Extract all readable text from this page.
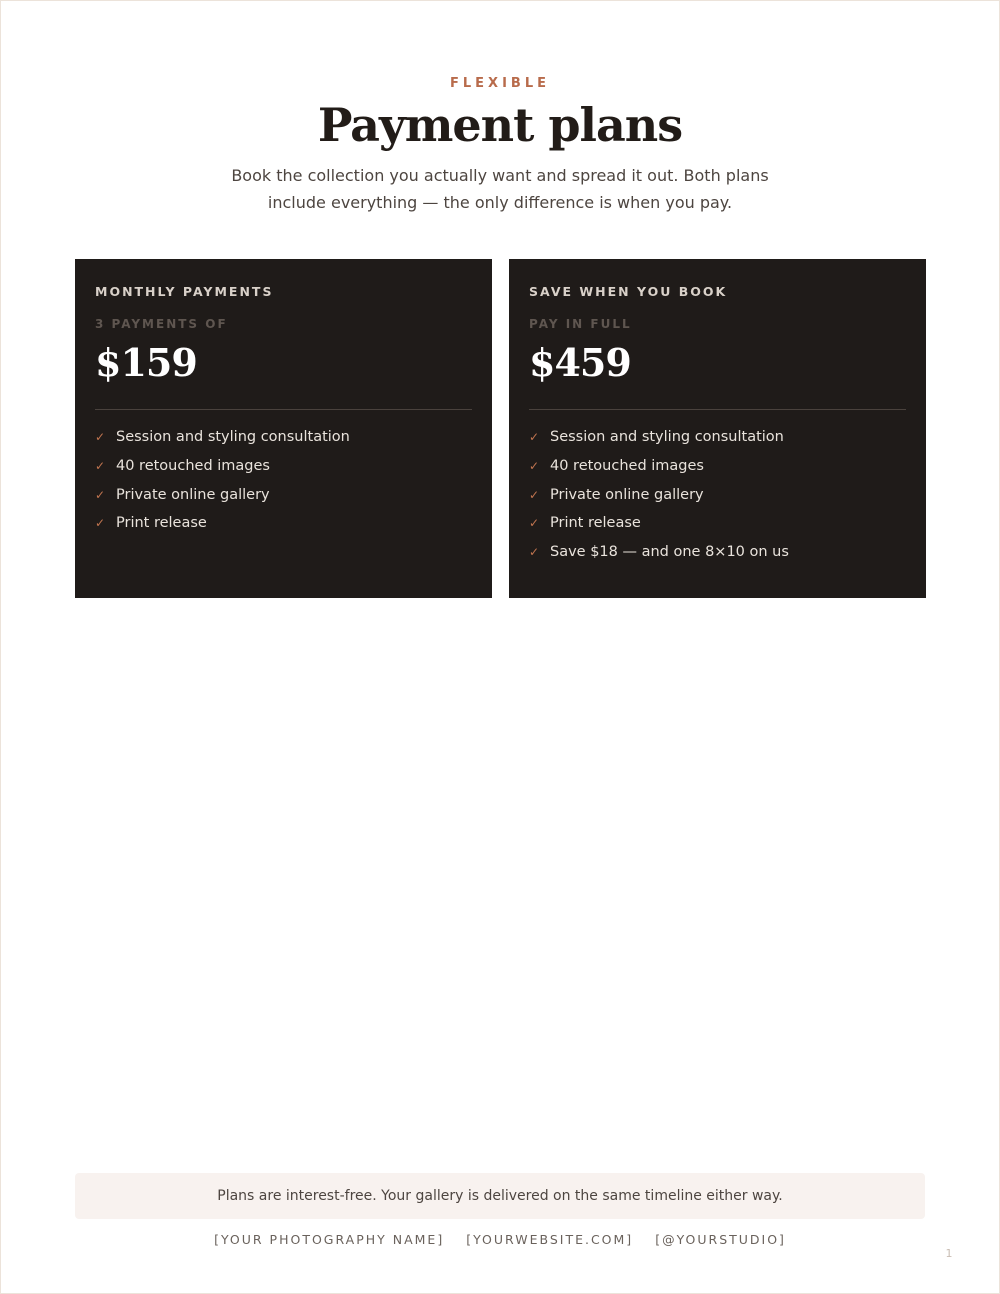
FLEXIBLE
Payment plans

Book the collection you actually want and spread it out. Both plans
include everything — the only difference is when you pay.

MONTHLY PAYMENTS
3 PAYMENTS OF
$159
✓ Session and styling consultation
✓ 40 retouched images
✓ Private online gallery
✓ Print release
SAVE WHEN YOU BOOK
PAY IN FULL
$459
✓ Session and styling consultation
✓ 40 retouched images
✓ Private online gallery
✓ Print release
✓ Save $18 — and one 8×10 on us
Plans are interest-free. Your gallery is delivered on the same timeline either way.
[YOUR PHOTOGRAPHY NAME] [YOURWEBSITE.COM] [@YOURSTUDIO]
1
